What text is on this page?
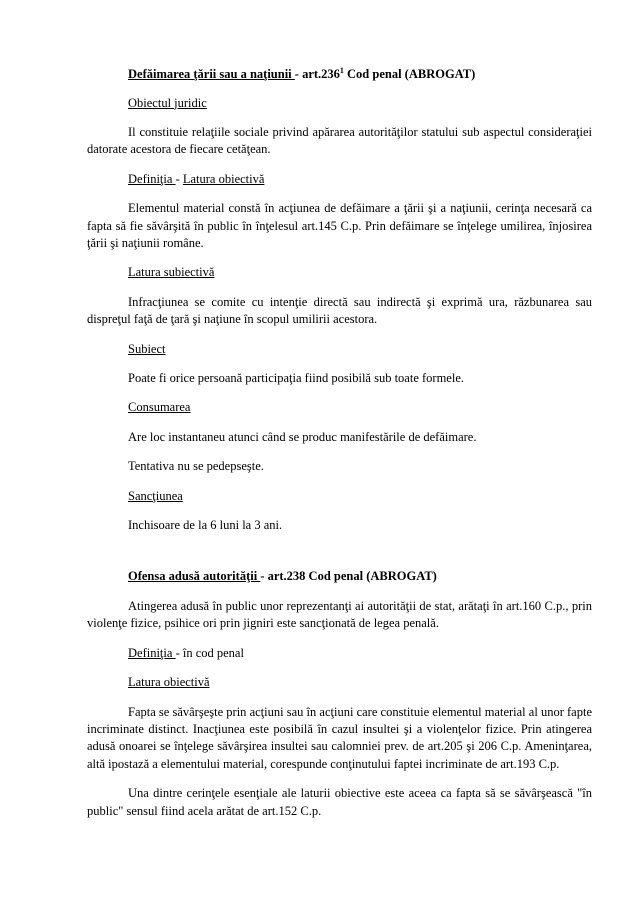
Defăimarea ţării sau a naţiunii - art.236$^1$ Cod penal (ABROGAT)

Obiectul juridic

Il constituie relaţiile sociale privind apărarea autorităţilor statului sub aspectul consideraţiei datorate acestora de fiecare cetăţean.

Definiţia - Latura obiectivă

Elementul material constă în acţiunea de defăimare a ţării şi a naţiunii, cerinţa necesară ca fapta să fie săvârşită în public în înţelesul art.145 C.p. Prin defăimare se înţelege umilirea, înjosirea ţării şi naţiunii române.

Latura subiectivă

Infracţiunea se comite cu intenţie directă sau indirectă şi exprimă ura, răzbunarea sau dispreţul faţă de ţară şi naţiune în scopul umilirii acestora.

Subiect

Poate fi orice persoană participaţia fiind posibilă sub toate formele.

Consumarea

Are loc instantaneu atunci când se produc manifestările de defăimare.

Tentativa nu se pedepseşte.

Sancţiunea

Inchisoare de la 6 luni la 3 ani.

Ofensa adusă autorităţii - art.238 Cod penal (ABROGAT)

Atingerea adusă în public unor reprezentanţi ai autorităţii de stat, arătaţi în art.160 C.p., prin violenţe fizice, psihice ori prin jigniri este sancţionată de legea penală.

Definiţia - în cod penal

Latura obiectivă

Fapta se săvârşeşte prin acţiuni sau în acţiuni care constituie elementul material al unor fapte incriminate distinct. Inacţiunea este posibilă în cazul insultei şi a violenţelor fizice. Prin atingerea adusă onoarei se înţelege săvârşirea insultei sau calomniei prev. de art.205 şi 206 C.p. Ameninţarea, altă ipostază a elementului material, corespunde conţinutului faptei incriminate de art.193 C.p.

Una dintre cerinţele esenţiale ale laturii obiective este aceea ca fapta să se săvârşească "în public" sensul fiind acela arătat de art.152 C.p.
